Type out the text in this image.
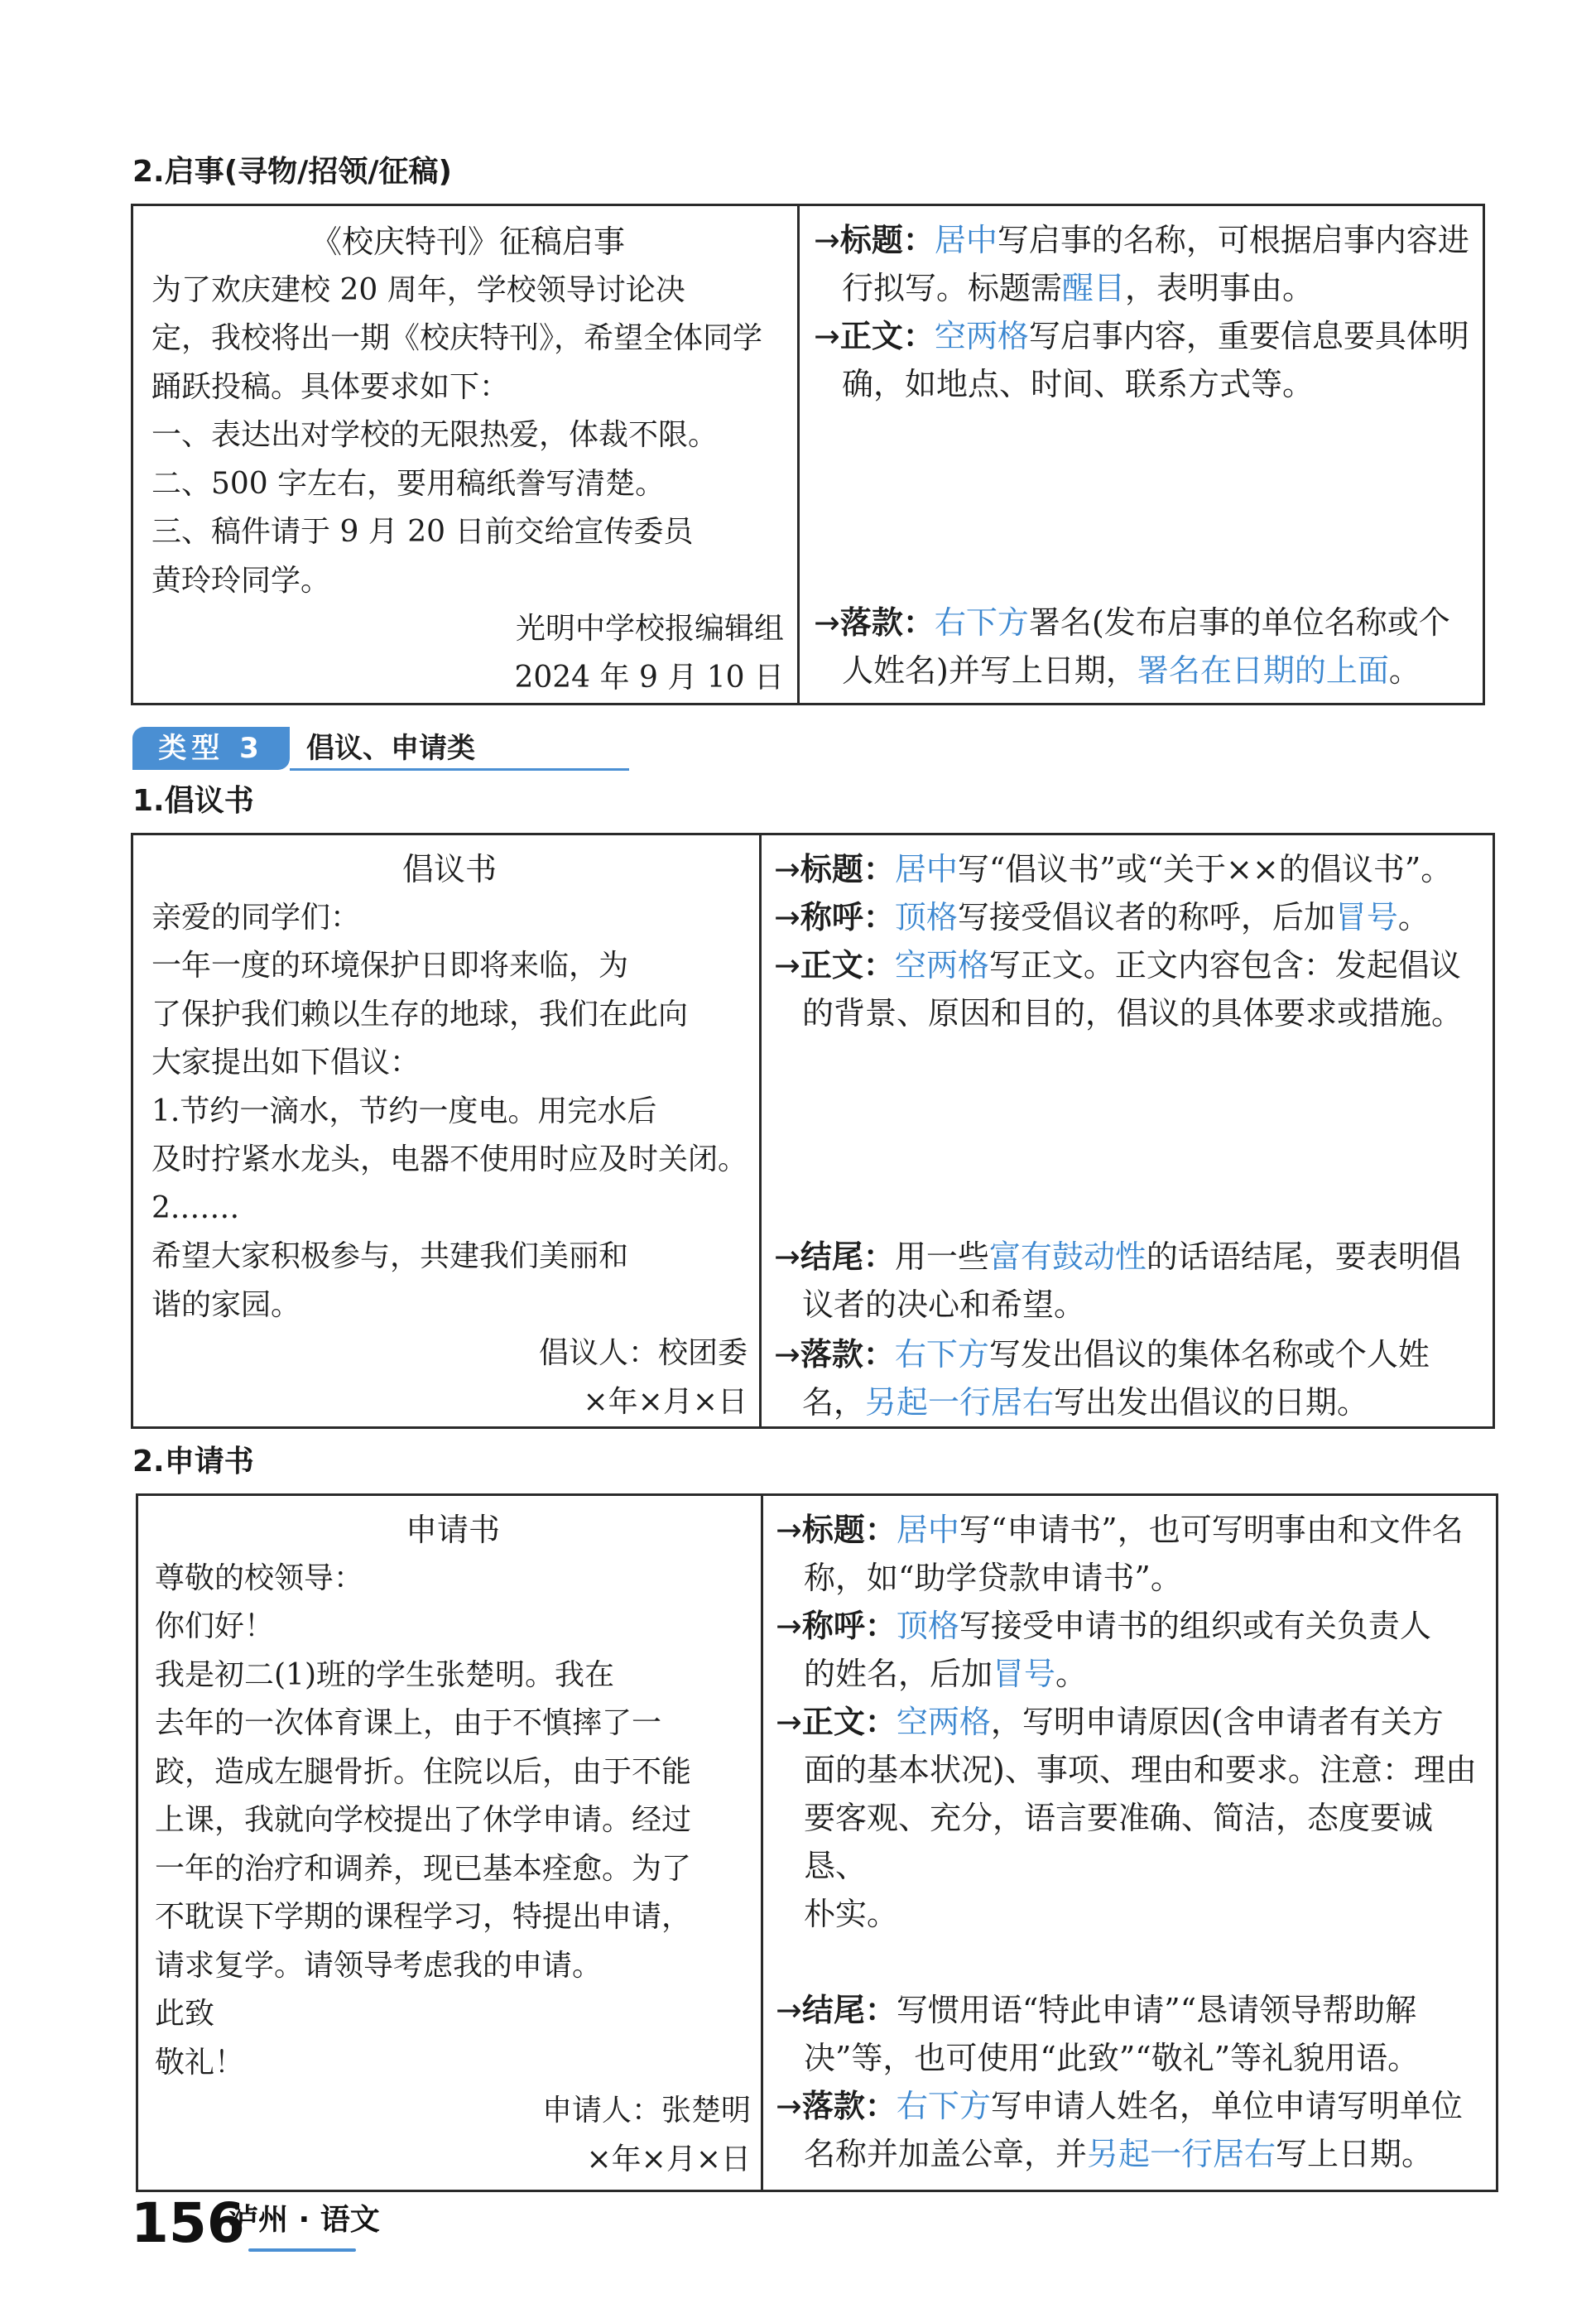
2.启事(寻物/招领/征稿)

《校庆特刊》征稿启事

为了欢庆建校 20 周年，学校领导讨论决

定，我校将出一期《校庆特刊》，希望全体同学

踊跃投稿。具体要求如下：

一、表达出对学校的无限热爱，体裁不限。

二、500 字左右，要用稿纸誊写清楚。

三、稿件请于 9 月 20 日前交给宣传委员

黄玲玲同学。

光明中学校报编辑组

2024 年 9 月 10 日

→标题：居中写启事的名称，可根据启事内容进

行拟写。标题需醒目，表明事由。

→正文：空两格写启事内容，重要信息要具体明

确，如地点、时间、联系方式等。

→落款：右下方署名(发布启事的单位名称或个

人姓名)并写上日期，署名在日期的上面。

类型 3	倡议、申请类
1.倡议书

倡议书

亲爱的同学们：

一年一度的环境保护日即将来临，为

了保护我们赖以生存的地球，我们在此向

大家提出如下倡议：

1.节约一滴水，节约一度电。用完水后

及时拧紧水龙头，电器不使用时应及时关闭。

2.……

希望大家积极参与，共建我们美丽和

谐的家园。

倡议人：校团委

×年×月×日

→标题：居中写“倡议书”或“关于××的倡议书”。

→称呼：顶格写接受倡议者的称呼，后加冒号。

→正文：空两格写正文。正文内容包含：发起倡议

的背景、原因和目的，倡议的具体要求或措施。

→结尾：用一些富有鼓动性的话语结尾，要表明倡

议者的决心和希望。

→落款：右下方写发出倡议的集体名称或个人姓

名，另起一行居右写出发出倡议的日期。

2.申请书

申请书

尊敬的校领导：

你们好！

我是初二(1)班的学生张楚明。我在

去年的一次体育课上，由于不慎摔了一

跤，造成左腿骨折。住院以后，由于不能

上课，我就向学校提出了休学申请。经过

一年的治疗和调养，现已基本痊愈。为了

不耽误下学期的课程学习，特提出申请，

请求复学。请领导考虑我的申请。

此致

敬礼！

申请人：张楚明

×年×月×日

→标题：居中写“申请书”，也可写明事由和文件名

称，如“助学贷款申请书”。

→称呼：顶格写接受申请书的组织或有关负责人

的姓名，后加冒号。

→正文：空两格，写明申请原因(含申请者有关方

面的基本状况)、事项、理由和要求。注意：理由

要客观、充分，语言要准确、简洁，态度要诚恳、

朴实。

→结尾：写惯用语“特此申请”“恳请领导帮助解

决”等，也可使用“此致”“敬礼”等礼貌用语。

→落款：右下方写申请人姓名，单位申请写明单位

名称并加盖公章，并另起一行居右写上日期。

156
泸州 · 语文
